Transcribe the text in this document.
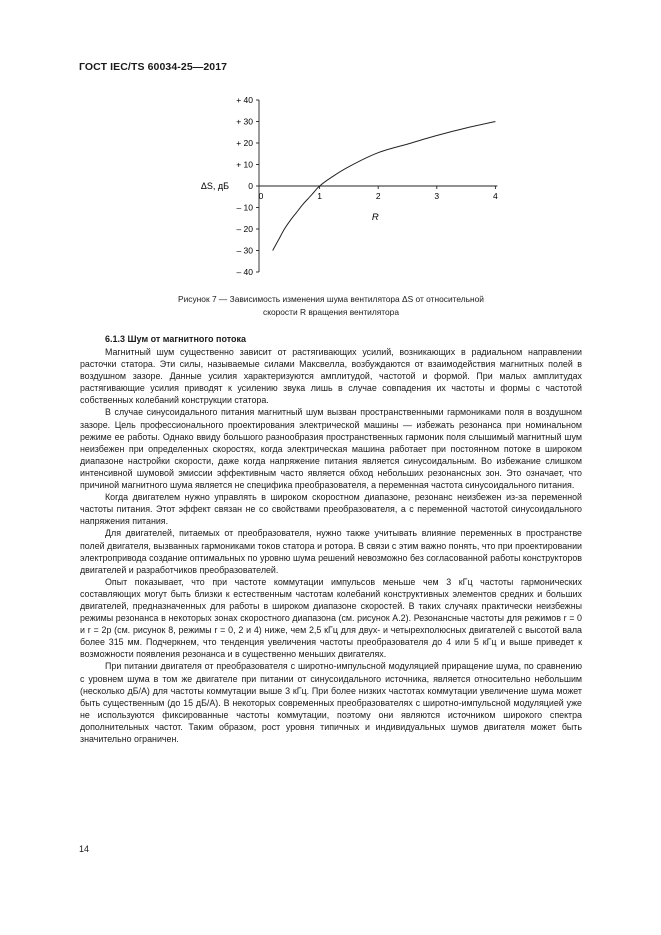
ГОСТ IEC/TS 60034-25—2017
+ 40
+ 30
+ 20
+ 10
0
– 10
– 20
– 30
– 40
0	1	2	3	4
ΔS, дБ
R
Рисунок 7 — Зависимость изменения шума вентилятора ΔS от относительной
скорости R вращения вентилятора
6.1.3 Шум от магнитного потока

Магнитный шум существенно зависит от растягивающих усилий, возникающих в радиальном направлении расточки статора. Эти силы, называемые силами Максвелла, возбуждаются от взаимодействия магнитных полей в воздушном зазоре. Данные усилия характеризуются амплитудой, частотой и формой. При малых амплитудах растягивающие усилия приводят к усилению звука лишь в случае совпадения их частоты и формы с частотой собственных колебаний конструкции статора.

В случае синусоидального питания магнитный шум вызван пространственными гармониками поля в воздушном зазоре. Цель профессионального проектирования электрической машины — избежать резонанса при номинальном режиме ее работы. Однако ввиду большого разнообразия пространственных гармоник поля слышимый магнитный шум неизбежен при определенных скоростях, когда электрическая машина работает при постоянном потоке в широком диапазоне настройки скорости, даже когда напряжение питания является синусоидальным. Во избежание слишком интенсивной шумовой эмиссии эффективным часто является обход небольших резонансных зон. Это означает, что причиной магнитного шума является не специфика преобразователя, а переменная частота синусоидального питания.

Когда двигателем нужно управлять в широком скоростном диапазоне, резонанс неизбежен из-за переменной частоты питания. Этот эффект связан не со свойствами преобразователя, а с переменной частотой синусоидального напряжения питания.

Для двигателей, питаемых от преобразователя, нужно также учитывать влияние переменных в пространстве полей двигателя, вызванных гармониками токов статора и ротора. В связи с этим важно понять, что при проектировании электропривода создание оптимальных по уровню шума решений невозможно без согласованной работы конструкторов двигателей и разработчиков преобразователей.

Опыт показывает, что при частоте коммутации импульсов меньше чем 3 кГц частоты гармонических составляющих могут быть близки к естественным частотам колебаний конструктивных элементов средних и больших двигателей, предназначенных для работы в широком диапазоне скоростей. В таких случаях практически неизбежны режимы резонанса в некоторых зонах скоростного диапазона (см. рисунок А.2). Резонансные частоты для режимов r = 0 и r = 2p (см. рисунок 8, режимы r = 0, 2 и 4) ниже, чем 2,5 кГц для двух- и четырехполюсных двигателей с высотой вала более 315 мм. Подчеркнем, что тенденция увеличения частоты преобразователя до 4 или 5 кГц и выше приведет к возможности появления резонанса и в существенно меньших двигателях.

При питании двигателя от преобразователя с широтно-импульсной модуляцией приращение шума, по сравнению с уровнем шума в том же двигателе при питании от синусоидального источника, является относительно небольшим (несколько дБ/А) для частоты коммутации выше 3 кГц. При более низких частотах коммутации увеличение шума может быть существенным (до 15 дБ/А). В некоторых современных преобразователях с широтно-импульсной модуляцией уже не используются фиксированные частоты коммутации, поэтому они являются источником широкого спектра дополнительных частот. Таким образом, рост уровня типичных и индивидуальных шумов двигателя может быть значительно ограничен.

14
